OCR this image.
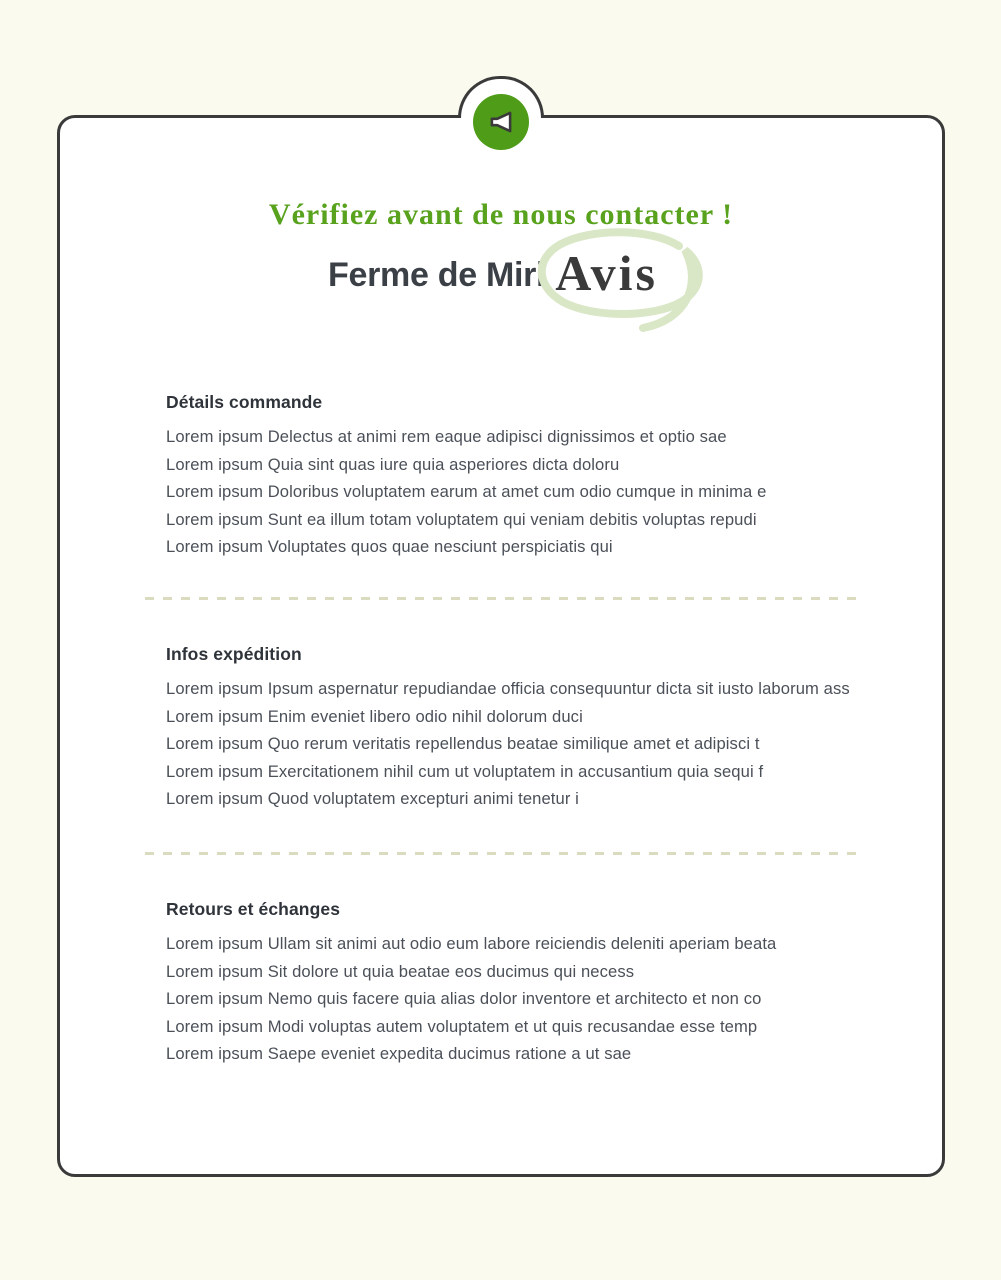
Vérifiez avant de nous contacter !
Ferme de Miri Avis
Détails commande
Lorem ipsum Delectus at animi rem eaque adipisci dignissimos et optio sae
Lorem ipsum Quia sint quas iure quia asperiores dicta doloru
Lorem ipsum Doloribus voluptatem earum at amet cum odio cumque in minima e
Lorem ipsum Sunt ea illum totam voluptatem qui veniam debitis voluptas repudi
Lorem ipsum Voluptates quos quae nesciunt perspiciatis qui
Infos expédition
Lorem ipsum Ipsum aspernatur repudiandae officia consequuntur dicta sit iusto laborum ass
Lorem ipsum Enim eveniet libero odio nihil dolorum duci
Lorem ipsum Quo rerum veritatis repellendus beatae similique amet et adipisci t
Lorem ipsum Exercitationem nihil cum ut voluptatem in accusantium quia sequi f
Lorem ipsum Quod voluptatem excepturi animi tenetur i
Retours et échanges
Lorem ipsum Ullam sit animi aut odio eum labore reiciendis deleniti aperiam beata
Lorem ipsum Sit dolore ut quia beatae eos ducimus qui necess
Lorem ipsum Nemo quis facere quia alias dolor inventore et architecto et non co
Lorem ipsum Modi voluptas autem voluptatem et ut quis recusandae esse temp
Lorem ipsum Saepe eveniet expedita ducimus ratione a ut sae
